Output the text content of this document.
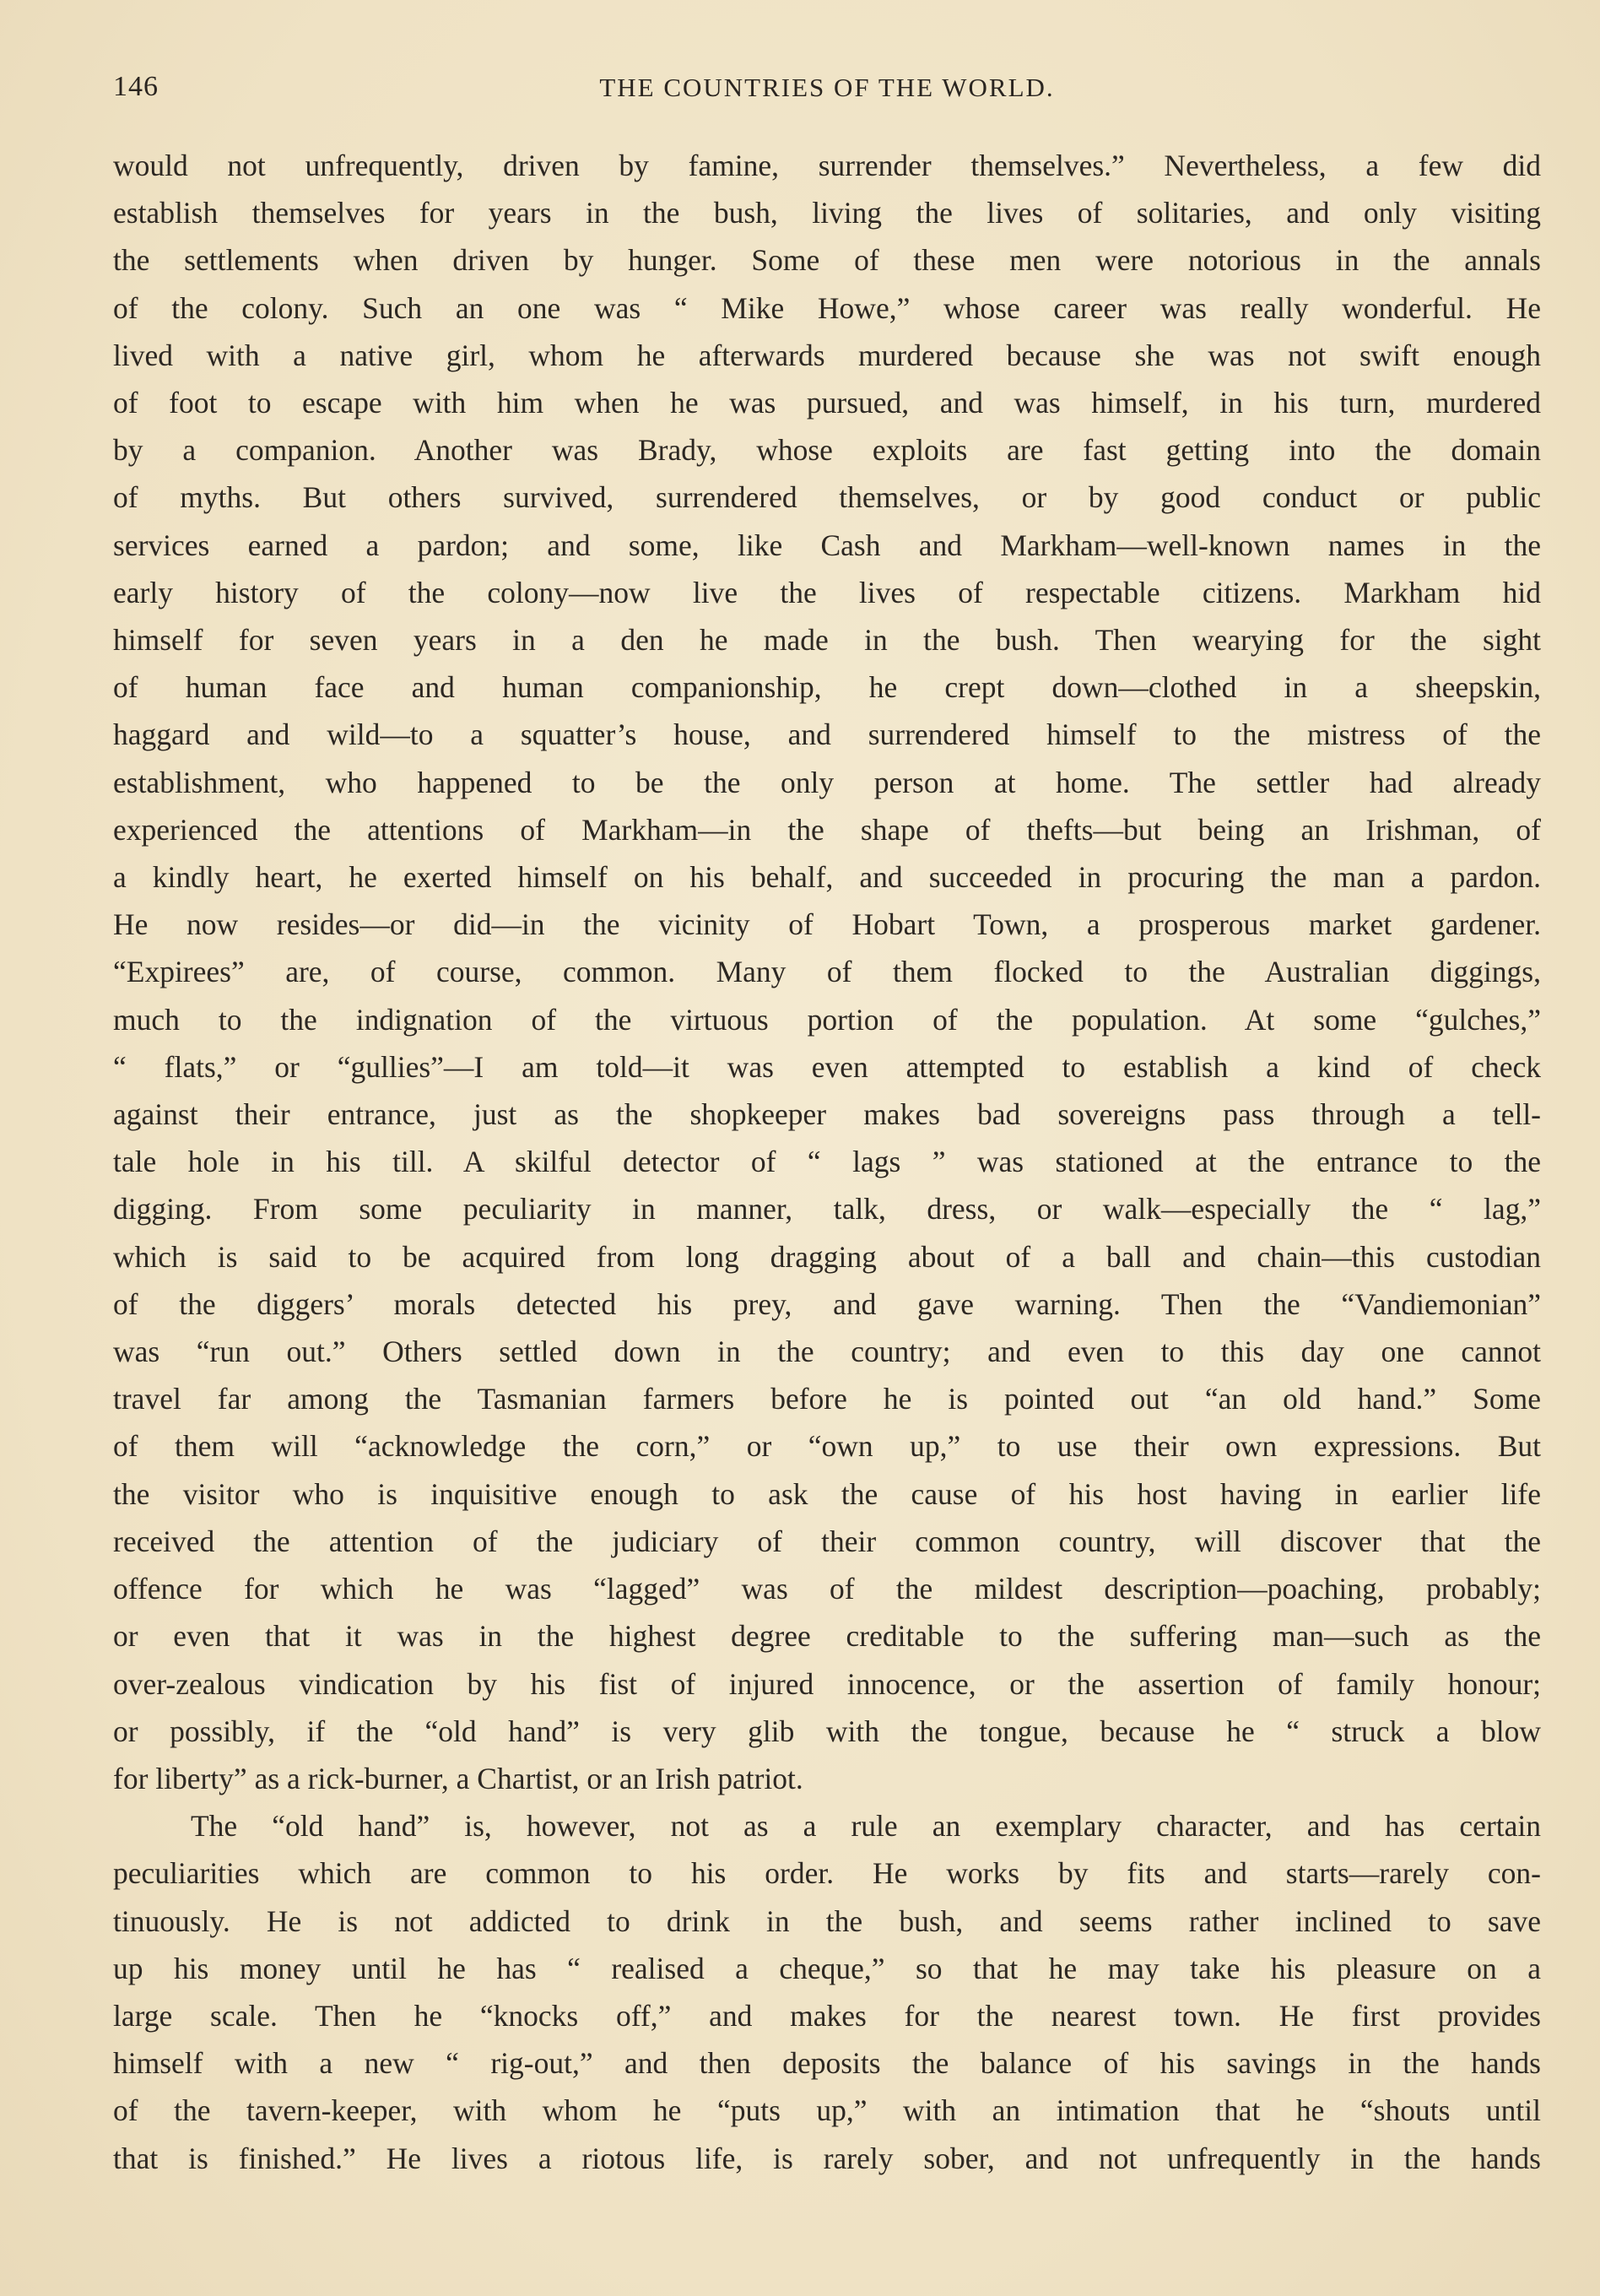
146	THE COUNTRIES OF THE WORLD.
would not unfrequently, driven by famine, surrender themselves.” Nevertheless, a few did
establish themselves for years in the bush, living the lives of solitaries, and only visiting
the settlements when driven by hunger. Some of these men were notorious in the annals
of the colony. Such an one was “ Mike Howe,” whose career was really wonderful. He
lived with a native girl, whom he afterwards murdered because she was not swift enough
of foot to escape with him when he was pursued, and was himself, in his turn, murdered
by a companion. Another was Brady, whose exploits are fast getting into the domain
of myths. But others survived, surrendered themselves, or by good conduct or public
services earned a pardon; and some, like Cash and Markham—well-known names in the
early history of the colony—now live the lives of respectable citizens. Markham hid
himself for seven years in a den he made in the bush. Then wearying for the sight
of human face and human companionship, he crept down—clothed in a sheepskin,
haggard and wild—to a squatter’s house, and surrendered himself to the mistress of the
establishment, who happened to be the only person at home. The settler had already
experienced the attentions of Markham—in the shape of thefts—but being an Irishman, of
a kindly heart, he exerted himself on his behalf, and succeeded in procuring the man a pardon.
He now resides—or did—in the vicinity of Hobart Town, a prosperous market gardener.
“Expirees” are, of course, common. Many of them flocked to the Australian diggings,
much to the indignation of the virtuous portion of the population. At some “gulches,”
“ flats,” or “gullies”—I am told—it was even attempted to establish a kind of check
against their entrance, just as the shopkeeper makes bad sovereigns pass through a tell-
tale hole in his till. A skilful detector of “ lags ” was stationed at the entrance to the
digging. From some peculiarity in manner, talk, dress, or walk—especially the “ lag,”
which is said to be acquired from long dragging about of a ball and chain—this custodian
of the diggers’ morals detected his prey, and gave warning. Then the “Vandiemonian”
was “run out.” Others settled down in the country; and even to this day one cannot
travel far among the Tasmanian farmers before he is pointed out “an old hand.” Some
of them will “acknowledge the corn,” or “own up,” to use their own expressions. But
the visitor who is inquisitive enough to ask the cause of his host having in earlier life
received the attention of the judiciary of their common country, will discover that the
offence for which he was “lagged” was of the mildest description—poaching, probably;
or even that it was in the highest degree creditable to the suffering man—such as the
over-zealous vindication by his fist of injured innocence, or the assertion of family honour;
or possibly, if the “old hand” is very glib with the tongue, because he “ struck a blow
for liberty” as a rick-burner, a Chartist, or an Irish patriot.
The “old hand” is, however, not as a rule an exemplary character, and has certain
peculiarities which are common to his order. He works by fits and starts—rarely con-
tinuously. He is not addicted to drink in the bush, and seems rather inclined to save
up his money until he has “ realised a cheque,” so that he may take his pleasure on a
large scale. Then he “knocks off,” and makes for the nearest town. He first provides
himself with a new “ rig-out,” and then deposits the balance of his savings in the hands
of the tavern-keeper, with whom he “puts up,” with an intimation that he “shouts until
that is finished.” He lives a riotous life, is rarely sober, and not unfrequently in the hands
